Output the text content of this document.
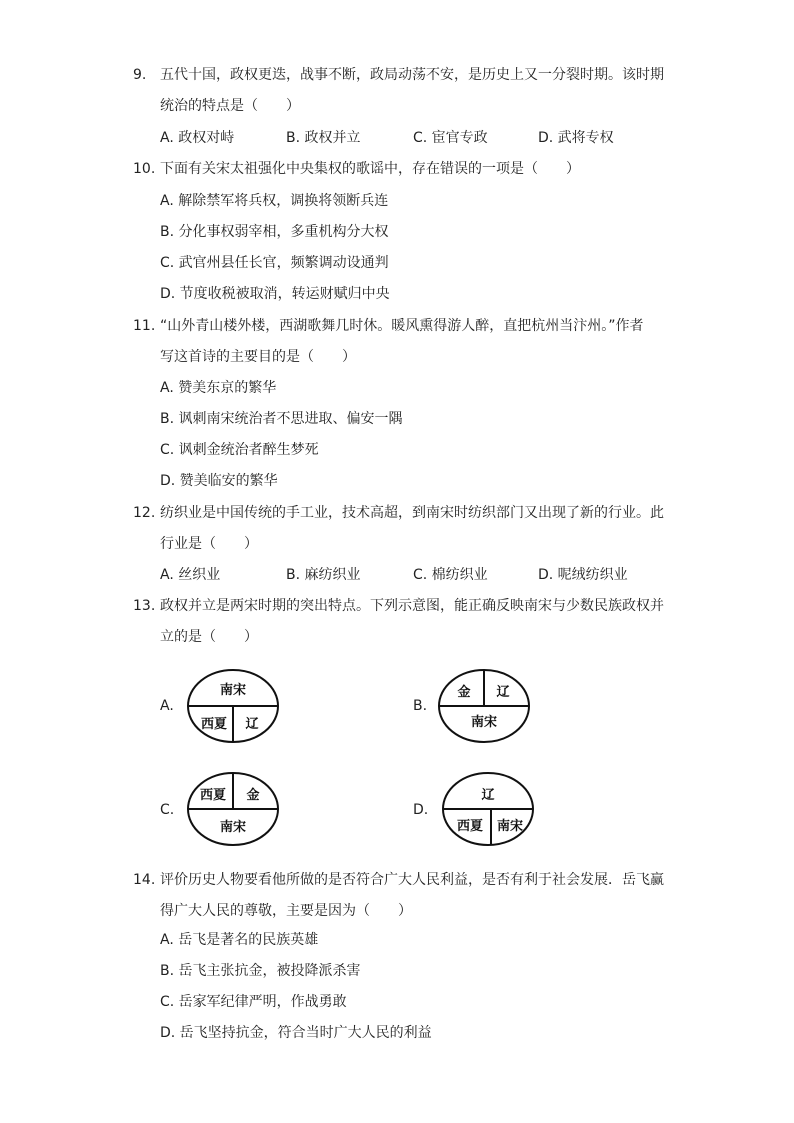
9. 五代十国，政权更迭，战事不断，政局动荡不安，是历史上又一分裂时期。该时期
统治的特点是（　　）
A. 政权对峙	B. 政权并立	C. 宦官专政	D. 武将专权
10. 下面有关宋太祖强化中央集权的歌谣中，存在错误的一项是（　　）
A. 解除禁军将兵权，调换将领断兵连
B. 分化事权弱宰相，多重机构分大权
C. 武官州县任长官，频繁调动设通判
D. 节度收税被取消，转运财赋归中央
11. “山外青山楼外楼，西湖歌舞几时休。暖风熏得游人醉，直把杭州当汴州。”作者
写这首诗的主要目的是（　　）
A. 赞美东京的繁华
B. 讽刺南宋统治者不思进取、偏安一隅
C. 讽刺金统治者醉生梦死
D. 赞美临安的繁华
12. 纺织业是中国传统的手工业，技术高超，到南宋时纺织部门又出现了新的行业。此
行业是（　　）
A. 丝织业	B. 麻纺织业	C. 棉纺织业	D. 呢绒纺织业
13. 政权并立是两宋时期的突出特点。下列示意图，能正确反映南宋与少数民族政权并
立的是（　　）
A.
南宋
西夏 辽
B.
金 辽
南宋
C.
西夏 金
南宋
D.
辽
西夏 南宋
14. 评价历史人物要看他所做的是否符合广大人民利益，是否有利于社会发展．岳飞赢
得广大人民的尊敬，主要是因为（　　）
A. 岳飞是著名的民族英雄
B. 岳飞主张抗金，被投降派杀害
C. 岳家军纪律严明，作战勇敢
D. 岳飞坚持抗金，符合当时广大人民的利益
